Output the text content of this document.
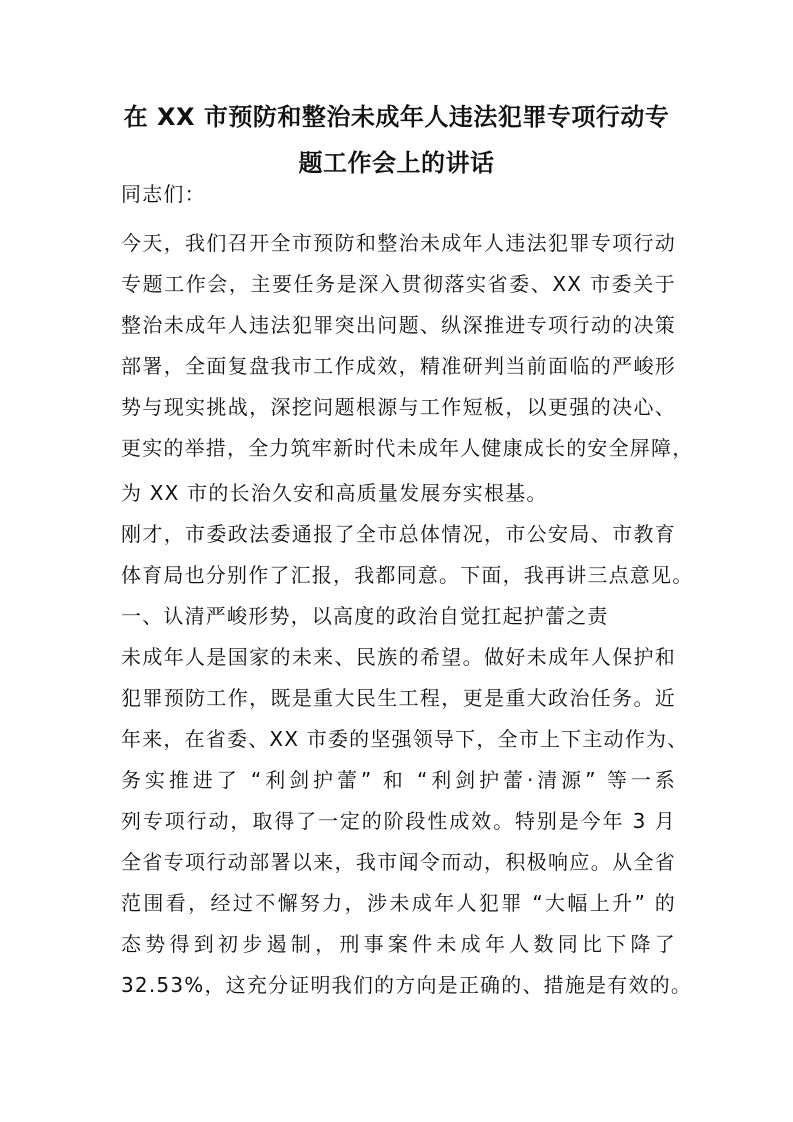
在 XX 市预防和整治未成年人违法犯罪专项行动专
题工作会上的讲话
同志们：
今天，我们召开全市预防和整治未成年人违法犯罪专项行动
专题工作会，主要任务是深入贯彻落实省委、XX 市委关于
整治未成年人违法犯罪突出问题、纵深推进专项行动的决策
部署，全面复盘我市工作成效，精准研判当前面临的严峻形
势与现实挑战，深挖问题根源与工作短板，以更强的决心、
更实的举措，全力筑牢新时代未成年人健康成长的安全屏障，
为 XX 市的长治久安和高质量发展夯实根基。
刚才，市委政法委通报了全市总体情况，市公安局、市教育
体育局也分别作了汇报，我都同意。下面，我再讲三点意见。
一、认清严峻形势，以高度的政治自觉扛起护蕾之责
未成年人是国家的未来、民族的希望。做好未成年人保护和
犯罪预防工作，既是重大民生工程，更是重大政治任务。近
年来，在省委、XX 市委的坚强领导下，全市上下主动作为、
务实推进了 “利剑护蕾” 和 “利剑护蕾·清源” 等一系
列专项行动，取得了一定的阶段性成效。特别是今年 3 月
全省专项行动部署以来，我市闻令而动，积极响应。从全省
范围看，经过不懈努力，涉未成年人犯罪 “大幅上升” 的
态势得到初步遏制，刑事案件未成年人数同比下降了
32.53%，这充分证明我们的方向是正确的、措施是有效的。
